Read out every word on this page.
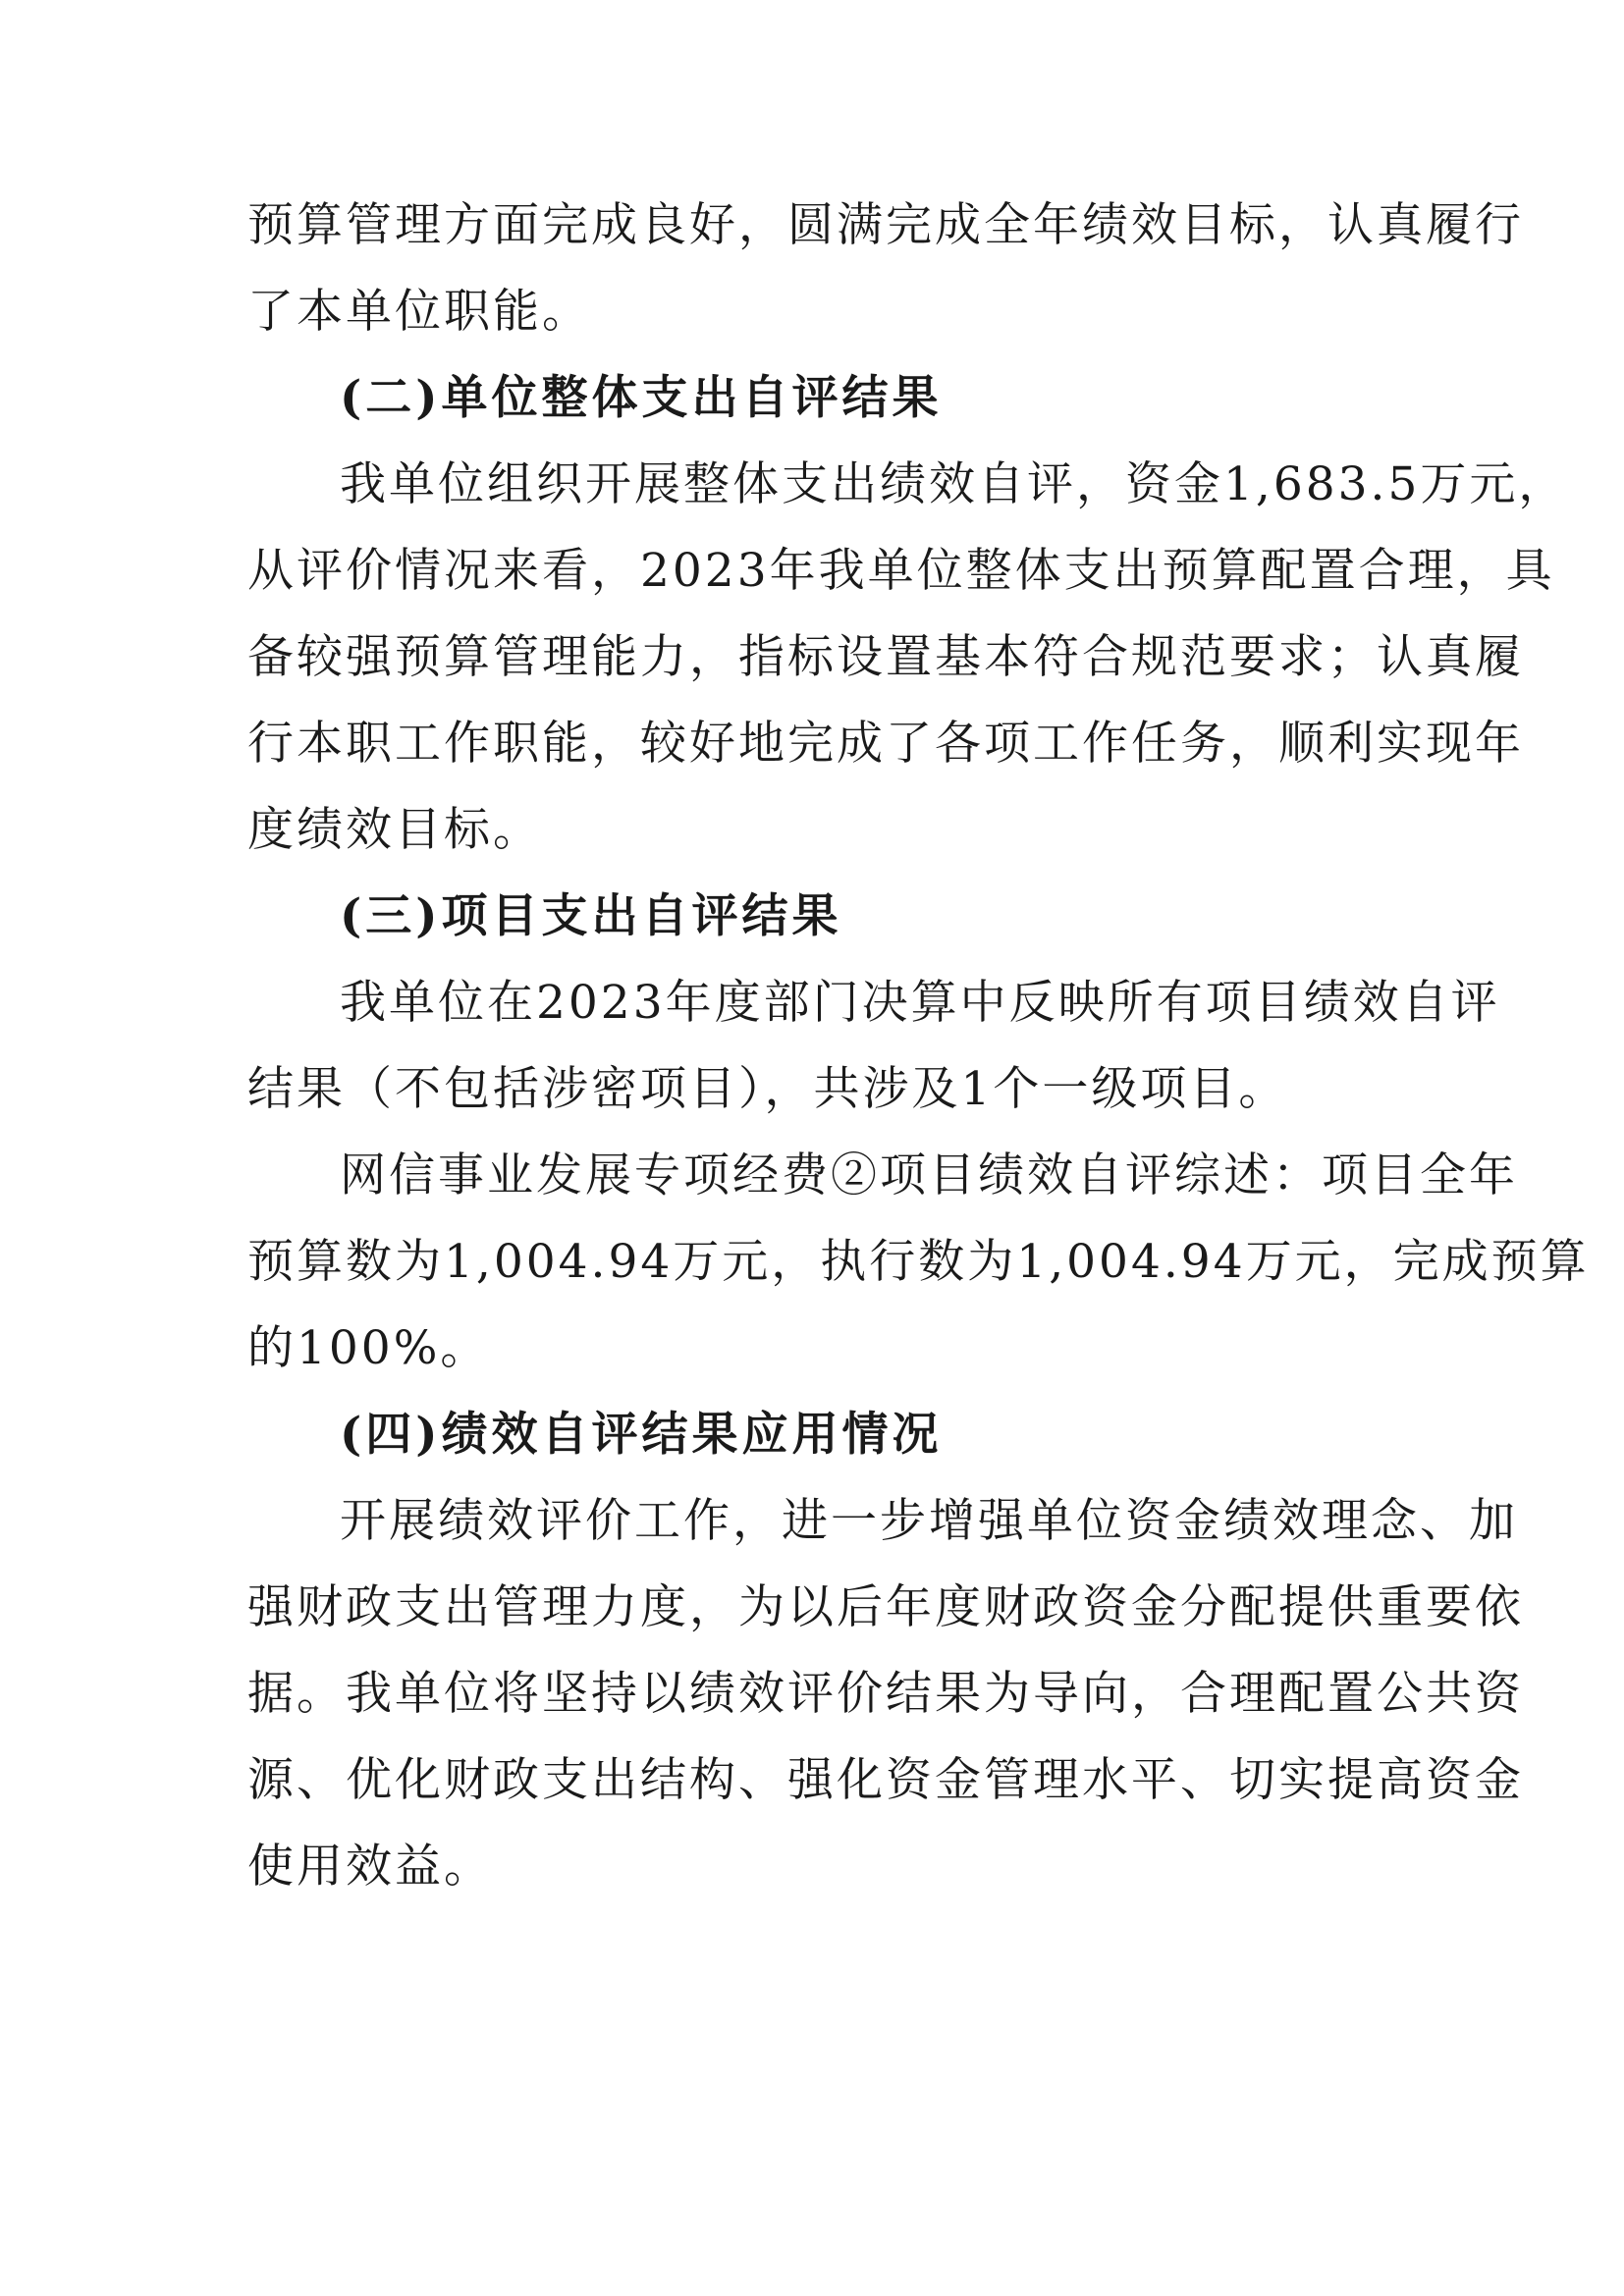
预算管理方面完成良好，圆满完成全年绩效目标，认真履行
了本单位职能。
(二)单位整体支出自评结果
我单位组织开展整体支出绩效自评，资金1,683.5万元，
从评价情况来看，2023年我单位整体支出预算配置合理，具
备较强预算管理能力，指标设置基本符合规范要求；认真履
行本职工作职能，较好地完成了各项工作任务，顺利实现年
度绩效目标。
(三)项目支出自评结果
我单位在2023年度部门决算中反映所有项目绩效自评
结果（不包括涉密项目），共涉及1个一级项目。
网信事业发展专项经费②项目绩效自评综述：项目全年
预算数为1,004.94万元，执行数为1,004.94万元，完成预算
的100%。
(四)绩效自评结果应用情况
开展绩效评价工作，进一步增强单位资金绩效理念、加
强财政支出管理力度，为以后年度财政资金分配提供重要依
据。我单位将坚持以绩效评价结果为导向，合理配置公共资
源、优化财政支出结构、强化资金管理水平、切实提高资金
使用效益。
